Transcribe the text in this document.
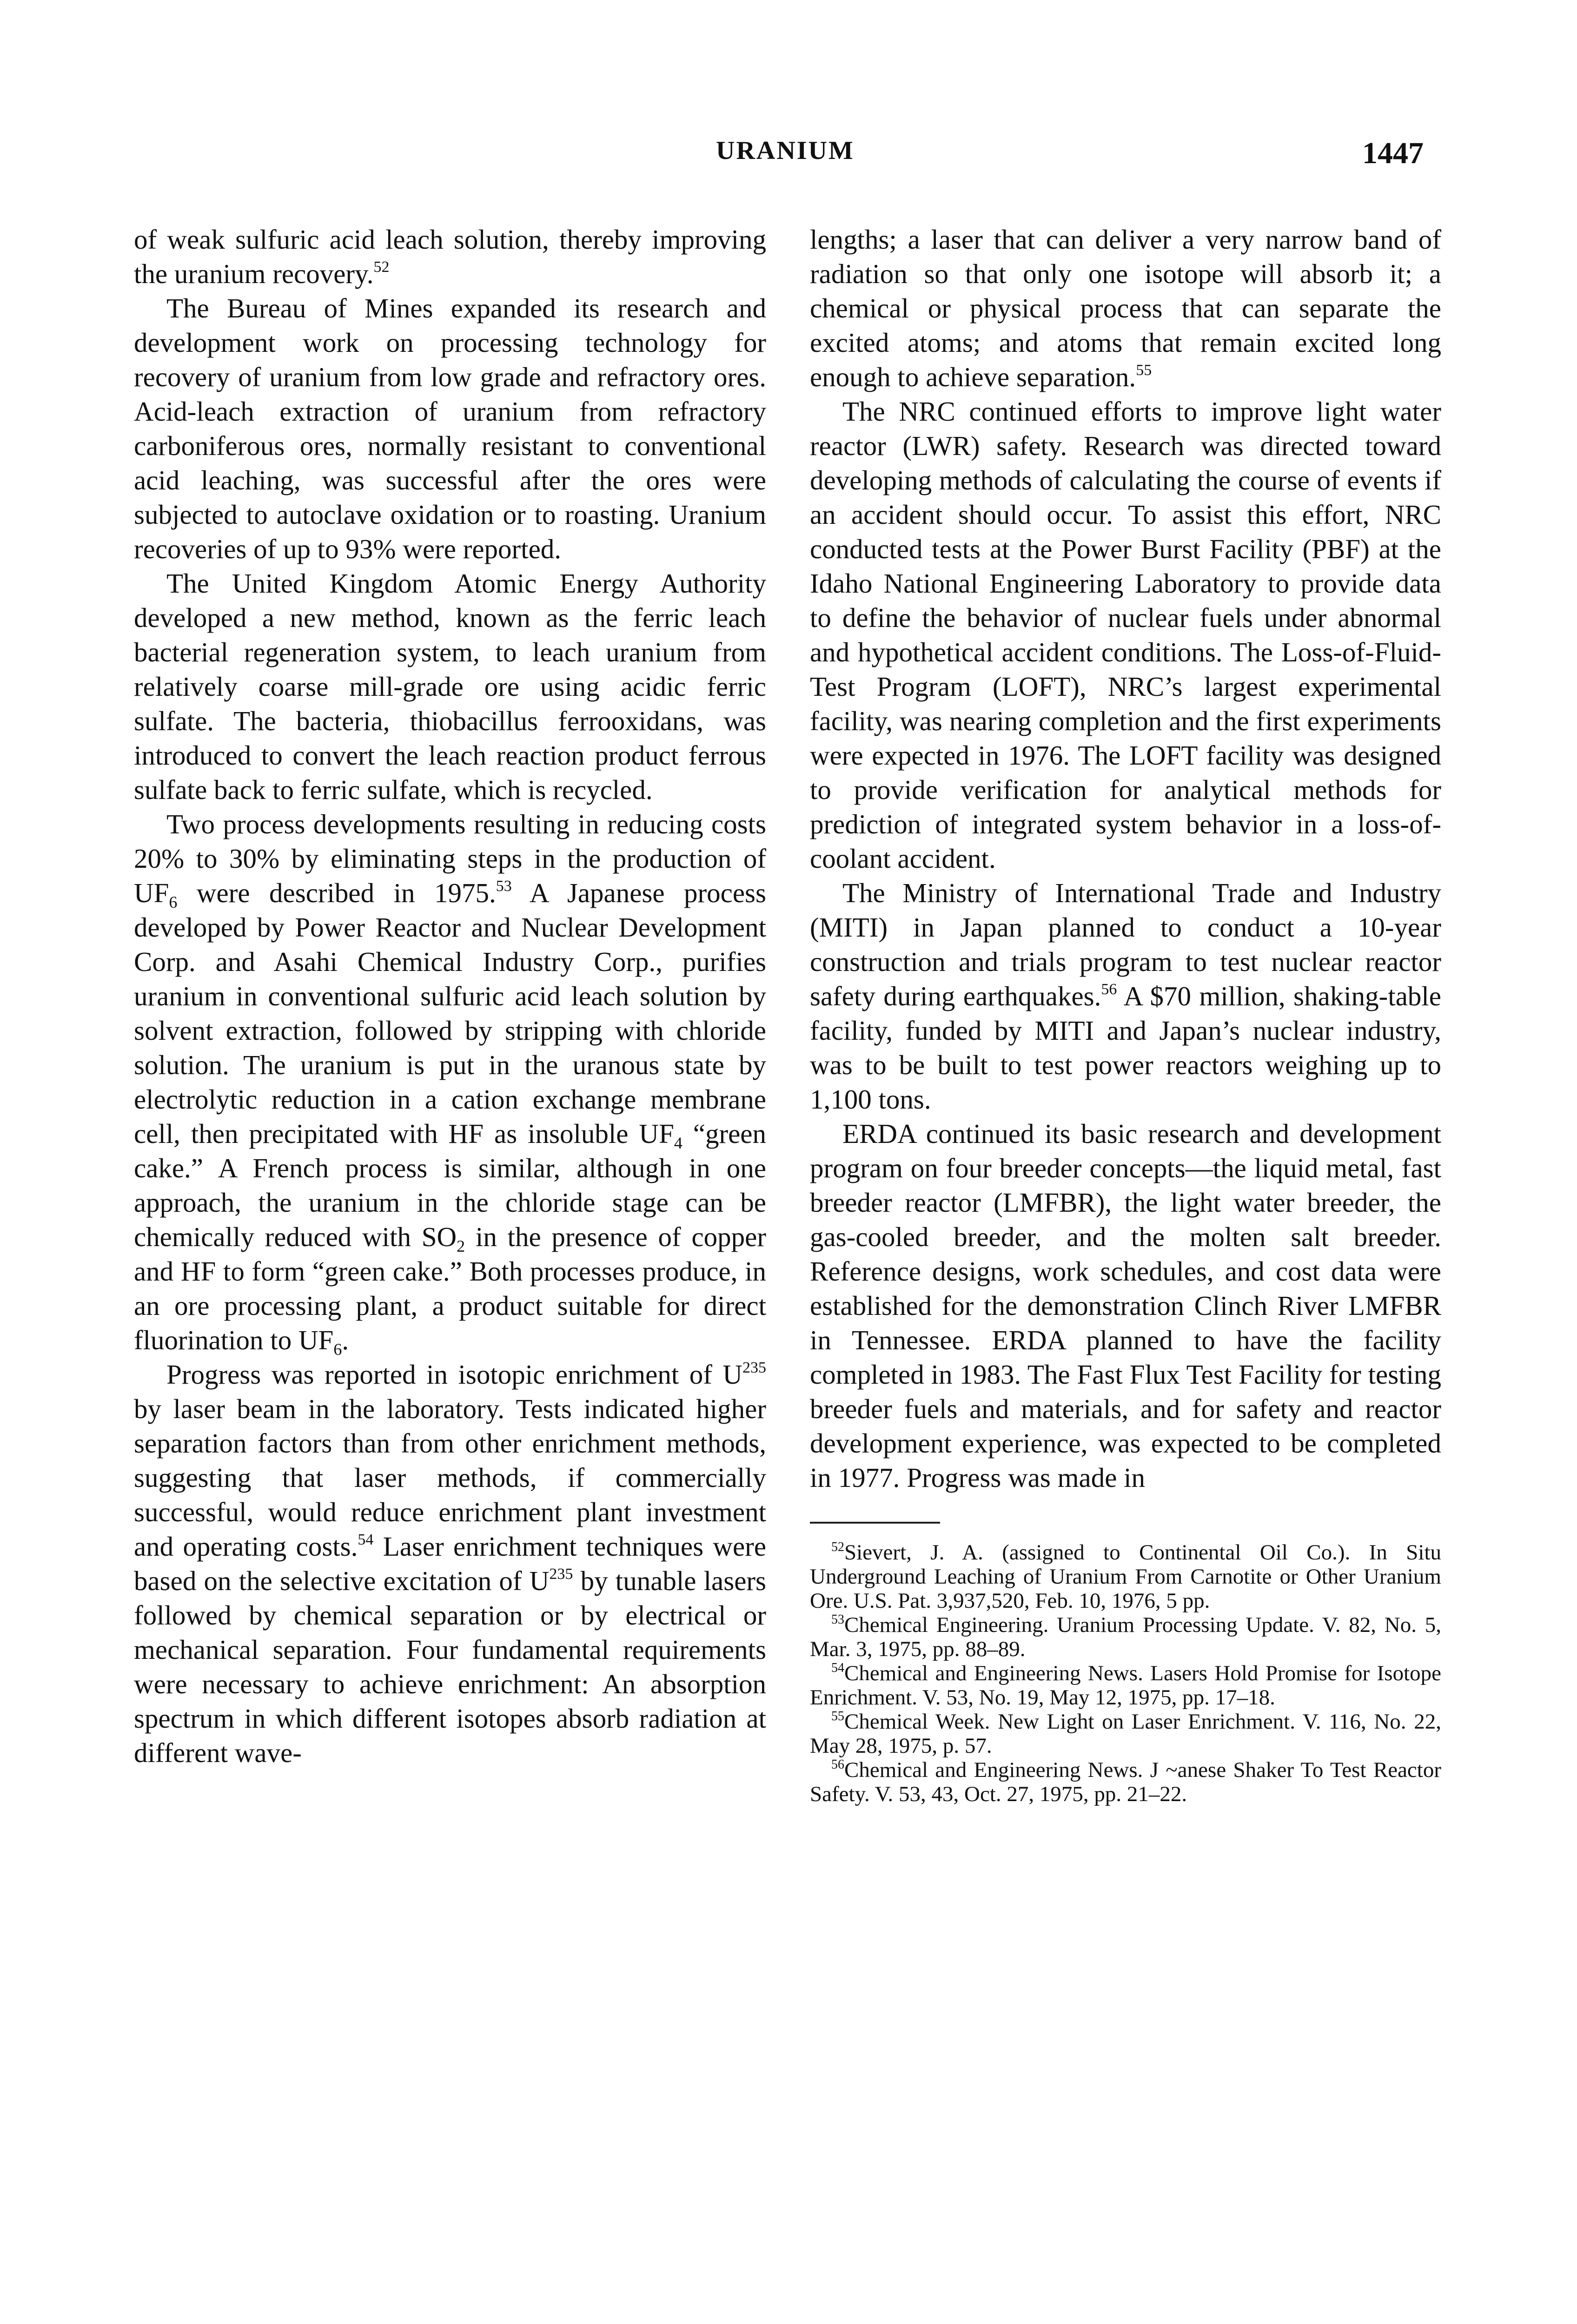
URANIUM	1447

of weak sulfuric acid leach solution, thereby improving the uranium recovery.$^{52}$

The Bureau of Mines expanded its research and development work on processing technology for recovery of uranium from low grade and refractory ores. Acid-leach extraction of uranium from refractory carboniferous ores, normally resistant to conventional acid leaching, was successful after the ores were subjected to autoclave oxidation or to roasting. Uranium recoveries of up to 93% were reported.

The United Kingdom Atomic Energy Authority developed a new method, known as the ferric leach bacterial regeneration system, to leach uranium from relatively coarse mill-grade ore using acidic ferric sulfate. The bacteria, thiobacillus ferrooxidans, was introduced to convert the leach reaction product ferrous sulfate back to ferric sulfate, which is recycled.

Two process developments resulting in reducing costs 20% to 30% by eliminating steps in the production of $UF_6$ were described in 1975.53 A Japanese process developed by Power Reactor and Nuclear Development Corp. and Asahi Chemical Industry Corp., purifies uranium in conventional sulfuric acid leach solution by solvent extraction, followed by stripping with chloride solution. The uranium is put in the uranous state by electrolytic reduction in a cation exchange membrane cell, then precipitated with HF as insoluble $UF_4$ “green cake.” A French process is similar, although in one approach, the uranium in the chloride stage can be chemically reduced with $SO_2$ in the presence of copper and HF to form “green cake.” Both processes produce, in an ore processing plant, a product suitable for direct fluorination to $UF_6$.

Progress was reported in isotopic enrichment of $U^{235}$ by laser beam in the laboratory. Tests indicated higher separation factors than from other enrichment methods, suggesting that laser methods, if commercially successful, would reduce enrichment plant investment and operating costs.$^{54}$ Laser enrichment techniques were based on the selective excitation of $U^{235}$ by tunable lasers followed by chemical separation or by electrical or mechanical separation. Four fundamental requirements were necessary to achieve enrichment: An absorption spectrum in which different isotopes absorb radiation at different wave-

lengths; a laser that can deliver a very narrow band of radiation so that only one isotope will absorb it; a chemical or physical process that can separate the excited atoms; and atoms that remain excited long enough to achieve separation.$^{55}$

The NRC continued efforts to improve light water reactor (LWR) safety. Research was directed toward developing methods of calculating the course of events if an accident should occur. To assist this effort, NRC conducted tests at the Power Burst Facility (PBF) at the Idaho National Engineering Laboratory to provide data to define the behavior of nuclear fuels under abnormal and hypothetical accident conditions. The Loss-of-Fluid-Test Program (LOFT), NRC’s largest experimental facility, was nearing completion and the first experiments were expected in 1976. The LOFT facility was designed to provide verification for analytical methods for prediction of integrated system behavior in a loss-of-coolant accident.

The Ministry of International Trade and Industry (MITI) in Japan planned to conduct a 10-year construction and trials program to test nuclear reactor safety during earthquakes.$^{56}$ A $70 million, shaking-table facility, funded by MITI and Japan’s nuclear industry, was to be built to test power reactors weighing up to 1,100 tons.

ERDA continued its basic research and development program on four breeder concepts—the liquid metal, fast breeder reactor (LMFBR), the light water breeder, the gas-cooled breeder, and the molten salt breeder. Reference designs, work schedules, and cost data were established for the demonstration Clinch River LMFBR in Tennessee. ERDA planned to have the facility completed in 1983. The Fast Flux Test Facility for testing breeder fuels and materials, and for safety and reactor development experience, was expected to be completed in 1977. Progress was made in

$^{52}$Sievert, J. A. (assigned to Continental Oil Co.). In Situ Underground Leaching of Uranium From Carnotite or Other Uranium Ore. U.S. Pat. 3,937,520, Feb. 10, 1976, 5 pp.

$^{53}$Chemical Engineering. Uranium Processing Update. V. 82, No. 5, Mar. 3, 1975, pp. 88–89.

$^{54}$Chemical and Engineering News. Lasers Hold Promise for Isotope Enrichment. V. 53, No. 19, May 12, 1975, pp. 17–18.

$^{55}$Chemical Week. New Light on Laser Enrichment. V. 116, No. 22, May 28, 1975, p. 57.

$^{56}$Chemical and Engineering News. J ~anese Shaker To Test Reactor Safety. V. 53, 43, Oct. 27, 1975, pp. 21–22.
